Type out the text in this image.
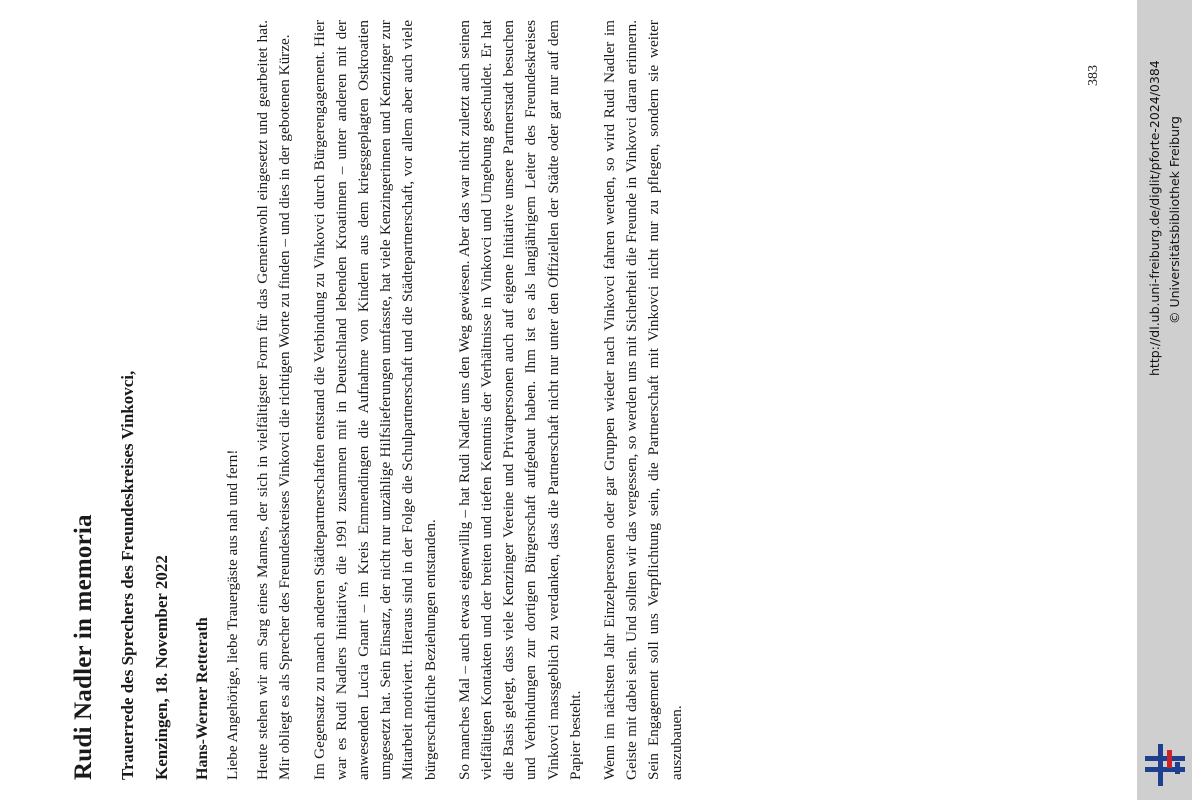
Rudi Nadler in memoria Trauerrede des Sprechers des Freundeskreises Vinkovci, Kenzingen, 18. November 2022 Hans-Werner Retterath Liebe Angehörige, liebe Trauergäste aus nah und fern! Heute stehen wir am Sarg eines Mannes, der sich in vielfältigster Form für das Gemeinwohl eingesetzt und gearbeitet hat. Mir obliegt es als Sprecher des Freundeskreises Vinkovci die richtigen Worte zu finden – und dies in der gebotenen Kürze. Im Gegensatz zu manch anderen Städtepartnerschaften entstand die Verbindung zu Vinkovci durch Bürgerengagement. Hier war es Rudi Nadlers Initiative, die 1991 zusammen mit in Deutschland lebenden Kroatinnen – unter anderen mit der anwesenden Lucia Gnant – im Kreis Emmendingen die Aufnahme von Kindern aus dem kriegsgeplagten Ostkroatien umgesetzt hat. Sein Einsatz, der nicht nur unzählige Hilfslieferungen umfasste, hat viele Kenzingerinnen und Kenzinger zur Mitarbeit motiviert. Hieraus sind in der Folge die Schulpartnerschaft und die Städtepartnerschaft, vor allem aber auch viele bürgerschaftliche Beziehungen entstanden. So manches Mal – auch etwas eigenwillig – hat Rudi Nadler uns den Weg gewiesen. Aber das war nicht zuletzt auch seinen vielfältigen Kontakten und der breiten und tiefen Kenntnis der Verhältnisse in Vinkovci und Umgebung geschuldet. Er hat die Basis gelegt, dass viele Kenzinger Vereine und Privatpersonen auch auf eigene Initiative unsere Partnerstadt besuchen und Verbindungen zur dortigen Bürgerschaft aufgebaut haben. Ihm ist es als langjährigem Leiter des Freundeskreises Vinkovci massgeblich zu verdanken, dass die Partnerschaft nicht nur unter den Offiziellen der Städte oder gar nur auf dem Papier besteht. Wenn im nächsten Jahr Einzelpersonen oder gar Gruppen wieder nach Vinkovci fahren werden, so wird Rudi Nadler im Geiste mit dabei sein. Und sollten wir das vergessen, so werden uns mit Sicherheit die Freunde in Vinkovci daran erinnern. Sein Engagement soll uns Verpflichtung sein, die Partnerschaft mit Vinkovci nicht nur zu pflegen, sondern sie weiter auszubauen.

383	http://dl.ub.uni-freiburg.de/diglit/pforte-2024/0384 © Universitätsbibliothek Freiburg
